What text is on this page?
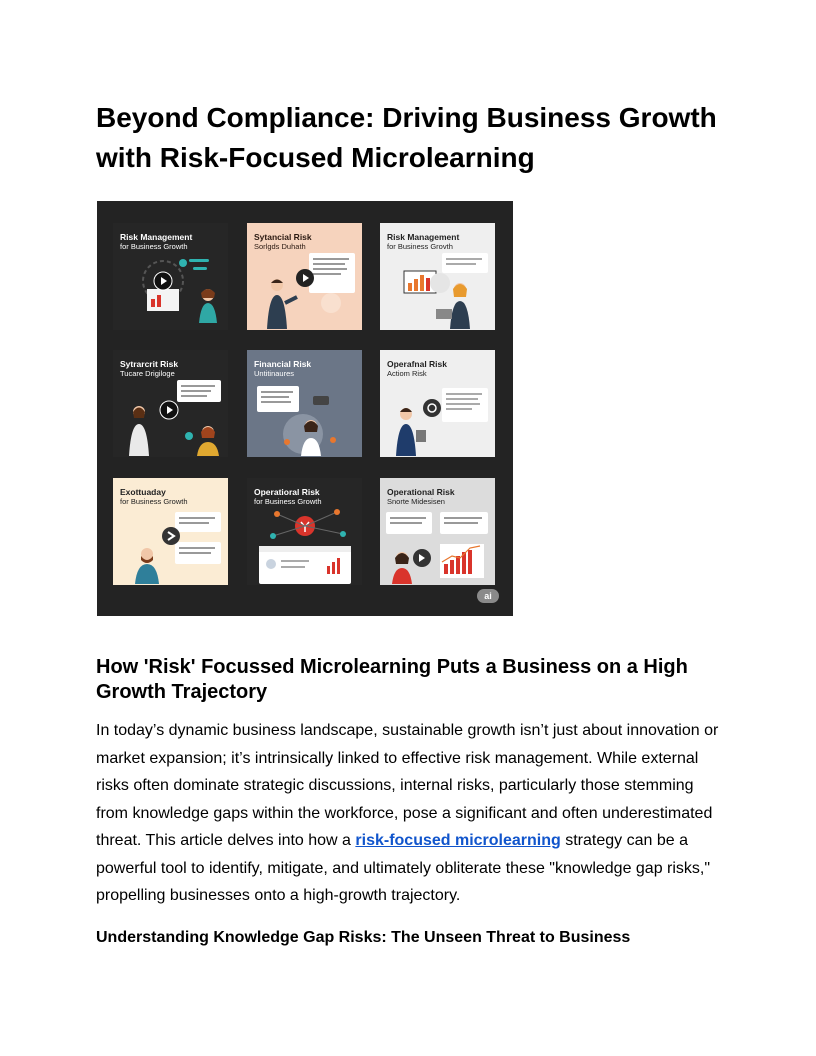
Beyond Compliance: Driving Business Growth with Risk-Focused Microlearning
Risk Management
for Business Growth
Sytancial Risk
Sorlgds Duhath
Risk Management
for Business Grovth
Sytrarcrit Risk
Tucare Drigiloge
Financial Risk
Untitinaures
Operafnal Risk
Actiom Risk
Exottuaday
for Business Growth
Operatioral Risk
for Business Growth
Operational Risk
Snorte Midesisen
ai
How 'Risk' Focussed Microlearning Puts a Business on a High Growth Trajectory

In today’s dynamic business landscape, sustainable growth isn’t just about innovation or market expansion; it’s intrinsically linked to effective risk management. While external risks often dominate strategic discussions, internal risks, particularly those stemming from knowledge gaps within the workforce, pose a significant and often underestimated threat. This article delves into how a risk-focused microlearning strategy can be a powerful tool to identify, mitigate, and ultimately obliterate these "knowledge gap risks," propelling businesses onto a high-growth trajectory.

Understanding Knowledge Gap Risks: The Unseen Threat to Business
